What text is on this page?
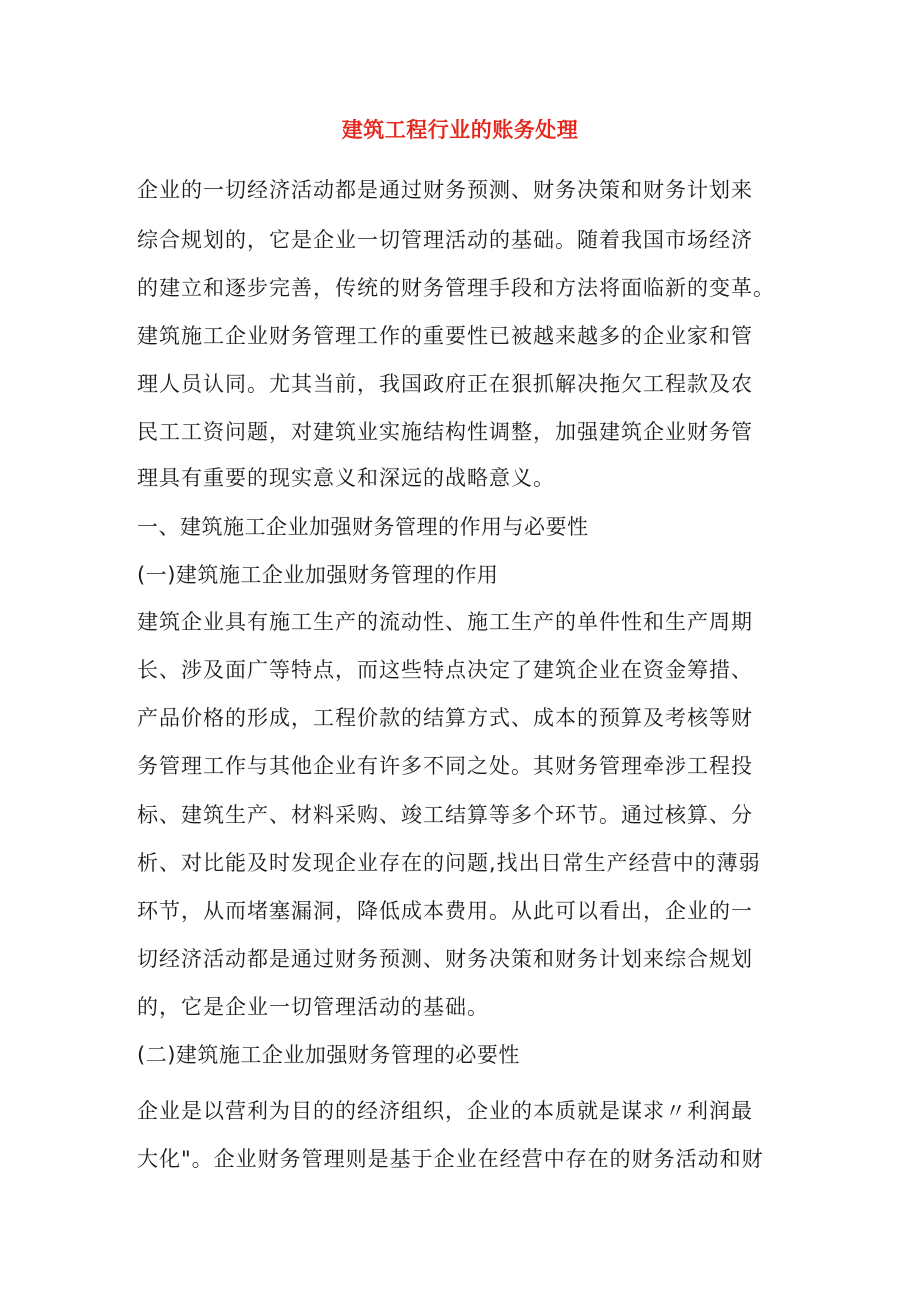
建筑工程行业的账务处理
企业的一切经济活动都是通过财务预测、财务决策和财务计划来
综合规划的，它是企业一切管理活动的基础。随着我国市场经济
的建立和逐步完善，传统的财务管理手段和方法将面临新的变革。
建筑施工企业财务管理工作的重要性已被越来越多的企业家和管
理人员认同。尤其当前，我国政府正在狠抓解决拖欠工程款及农
民工工资问题，对建筑业实施结构性调整，加强建筑企业财务管
理具有重要的现实意义和深远的战略意义。
一、建筑施工企业加强财务管理的作用与必要性
(一)建筑施工企业加强财务管理的作用
建筑企业具有施工生产的流动性、施工生产的单件性和生产周期
长、涉及面广等特点，而这些特点决定了建筑企业在资金筹措、
产品价格的形成，工程价款的结算方式、成本的预算及考核等财
务管理工作与其他企业有许多不同之处。其财务管理牵涉工程投
标、建筑生产、材料采购、竣工结算等多个环节。通过核算、分
析、对比能及时发现企业存在的问题,找出日常生产经营中的薄弱
环节，从而堵塞漏洞，降低成本费用。从此可以看出，企业的一
切经济活动都是通过财务预测、财务决策和财务计划来综合规划
的，它是企业一切管理活动的基础。
(二)建筑施工企业加强财务管理的必要性
企业是以营利为目的的经济组织，企业的本质就是谋求〃利润最
大化"。企业财务管理则是基于企业在经营中存在的财务活动和财
